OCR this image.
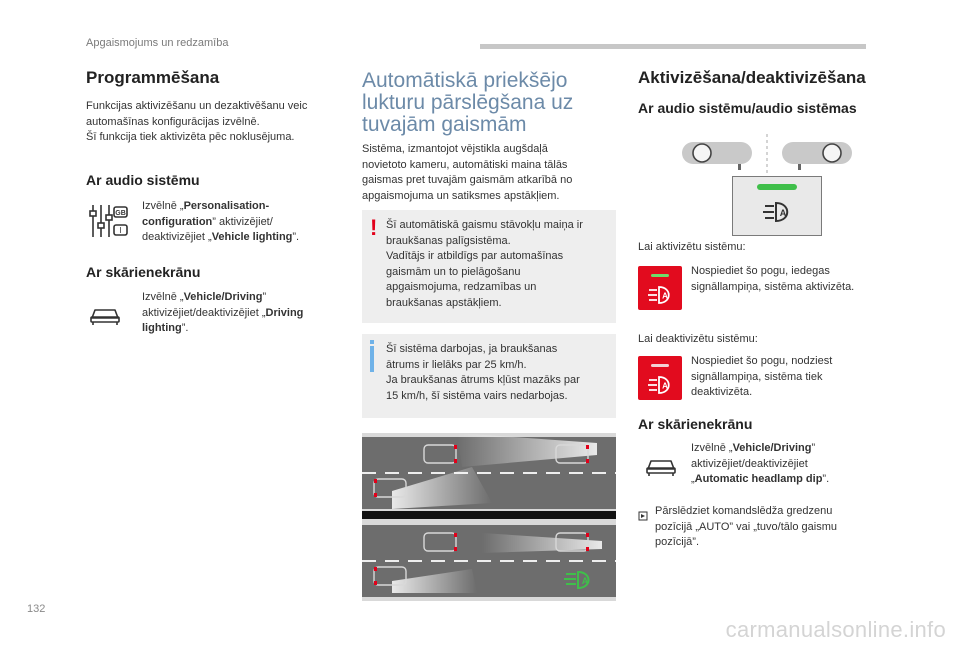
Apgaismojums un redzamība
Programmēšana
Funkcijas aktivizēšanu un dezaktivēšanu veic
automašīnas konfigurācijas izvēlnē.
Šī funkcija tiek aktivizēta pēc noklusējuma.
Ar audio sistēmu
GB
I
Izvēlnē „Personalisation-
configuration” aktivizējiet/
deaktivizējiet „Vehicle lighting”.
Ar skārienekrānu
Izvēlnē „Vehicle/Driving”
aktivizējiet/deaktivizējiet „Driving
lighting”.
Automātiskā priekšējo
lukturu pārslēgšana uz
tuvajām gaismām
Sistēma, izmantojot vējstikla augšdaļā
novietoto kameru, automātiski maina tālās
gaismas pret tuvajām gaismām atkarībā no
apgaismojuma un satiksmes apstākļiem.
! Šī automātiskā gaismu stāvokļu maiņa ir
braukšanas palīgsistēma.
Vadītājs ir atbildīgs par automašīnas
gaismām un to pielāgošanu
apgaismojuma, redzamības un
braukšanas apstākļiem.
Šī sistēma darbojas, ja braukšanas
ātrums ir lielāks par 25 km/h.
Ja braukšanas ātrums kļūst mazāks par
15 km/h, šī sistēma vairs nedarbojas.
A
Aktivizēšana/deaktivizēšana
Ar audio sistēmu/audio sistēmas
A
Lai aktivizētu sistēmu:
A
Nospiediet šo pogu, iedegas
signāllampiņa, sistēma aktivizēta.
Lai deaktivizētu sistēmu:
A
Nospiediet šo pogu, nodziest
signāllampiņa, sistēma tiek
deaktivizēta.
Ar skārienekrānu
Izvēlnē „Vehicle/Driving”
aktivizējiet/deaktivizējiet
„Automatic headlamp dip”.
Pārslēdziet komandslēdža gredzenu
pozīcijā „AUTO” vai „tuvo/tālo gaismu
pozīcijā”.
132
carmanualsonline.info
